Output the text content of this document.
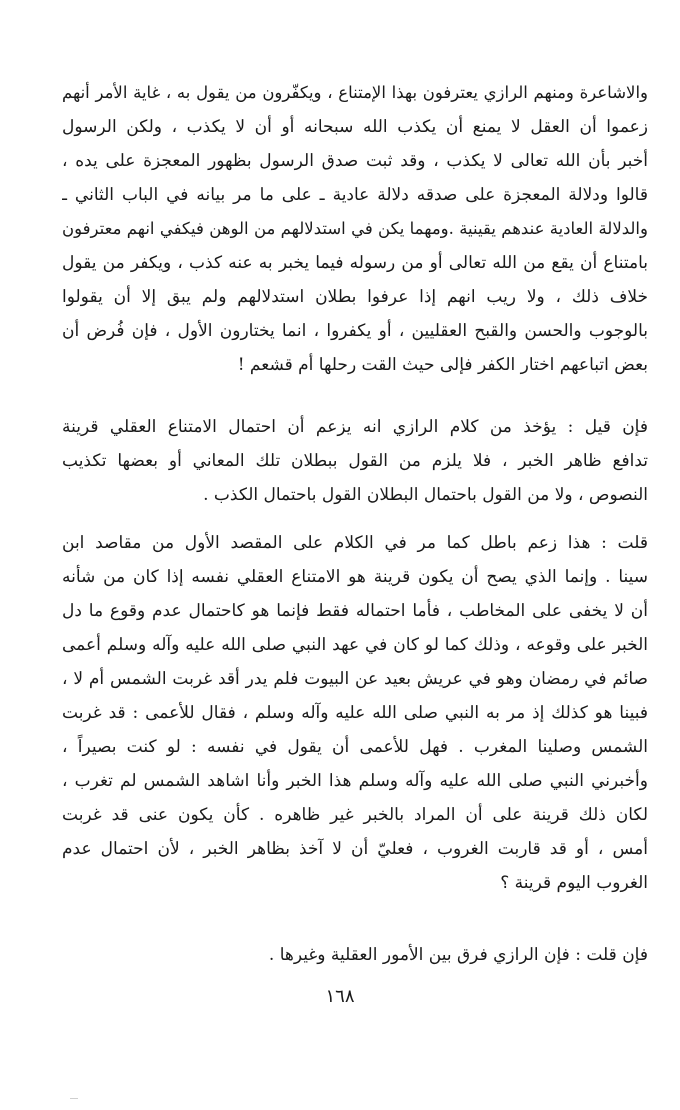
والاشاعرة ومنهم الرازي يعترفون بهذا الإمتناع ، ويكفّرون من يقول به ، غاية الأمر أنهم
زعموا أن العقل لا يمنع أن يكذب الله سبحانه أو أن لا يكذب ، ولكن الرسول
أخبر بأن الله تعالى لا يكذب ، وقد ثبت صدق الرسول بظهور المعجزة على يده ،
قالوا ودلالة المعجزة على صدقه دلالة عادية ـ على ما مر بيانه في الباب الثاني ـ
والدلالة العادية عندهم يقينية .ومهما يكن في استدلالهم من الوهن فيكفي انهم معترفون
بامتناع أن يقع من الله تعالى أو من رسوله فيما يخبر به عنه كذب ، ويكفر من يقول
خلاف ذلك ، ولا ريب انهم إذا عرفوا بطلان استدلالهم ولم يبق إلا أن يقولوا
بالوجوب والحسن والقبح العقليين ، أو يكفروا ، انما يختارون الأول ، فإن فُرض أن
بعض اتباعهم اختار الكفر فإلى حيث القت رحلها أم قشعم !
فإن قيل : يؤخذ من كلام الرازي انه يزعم أن احتمال الامتناع العقلي قرينة
تدافع ظاهر الخبر ، فلا يلزم من القول ببطلان تلك المعاني أو بعضها تكذيب
النصوص ، ولا من القول باحتمال البطلان القول باحتمال الكذب .
قلت : هذا زعم باطل كما مر في الكلام على المقصد الأول من مقاصد ابن
سينا . وإنما الذي يصح أن يكون قرينة هو الامتناع العقلي نفسه إذا كان من شأنه
أن لا يخفى على المخاطب ، فأما احتماله فقط فإنما هو كاحتمال عدم وقوع ما دل
الخبر على وقوعه ، وذلك كما لو كان في عهد النبي صلى الله عليه وآله وسلم أعمى
صائم في رمضان وهو في عريش بعيد عن البيوت فلم يدر أقد غربت الشمس أم لا ،
فبينا هو كذلك إذ مر به النبي صلى الله عليه وآله وسلم ، فقال للأعمى : قد غربت
الشمس وصلينا المغرب . فهل للأعمى أن يقول في نفسه : لو كنت بصيراً ،
وأخبرني النبي صلى الله عليه وآله وسلم هذا الخبر وأنا اشاهد الشمس لم تغرب ،
لكان ذلك قرينة على أن المراد بالخبر غير ظاهره . كأن يكون عنى قد غربت
أمس ، أو قد قاربت الغروب ، فعليّ أن لا آخذ بظاهر الخبر ، لأن احتمال عدم
الغروب اليوم قرينة ؟
فإن قلت : فإن الرازي فرق بين الأمور العقلية وغيرها .
١٦٨
